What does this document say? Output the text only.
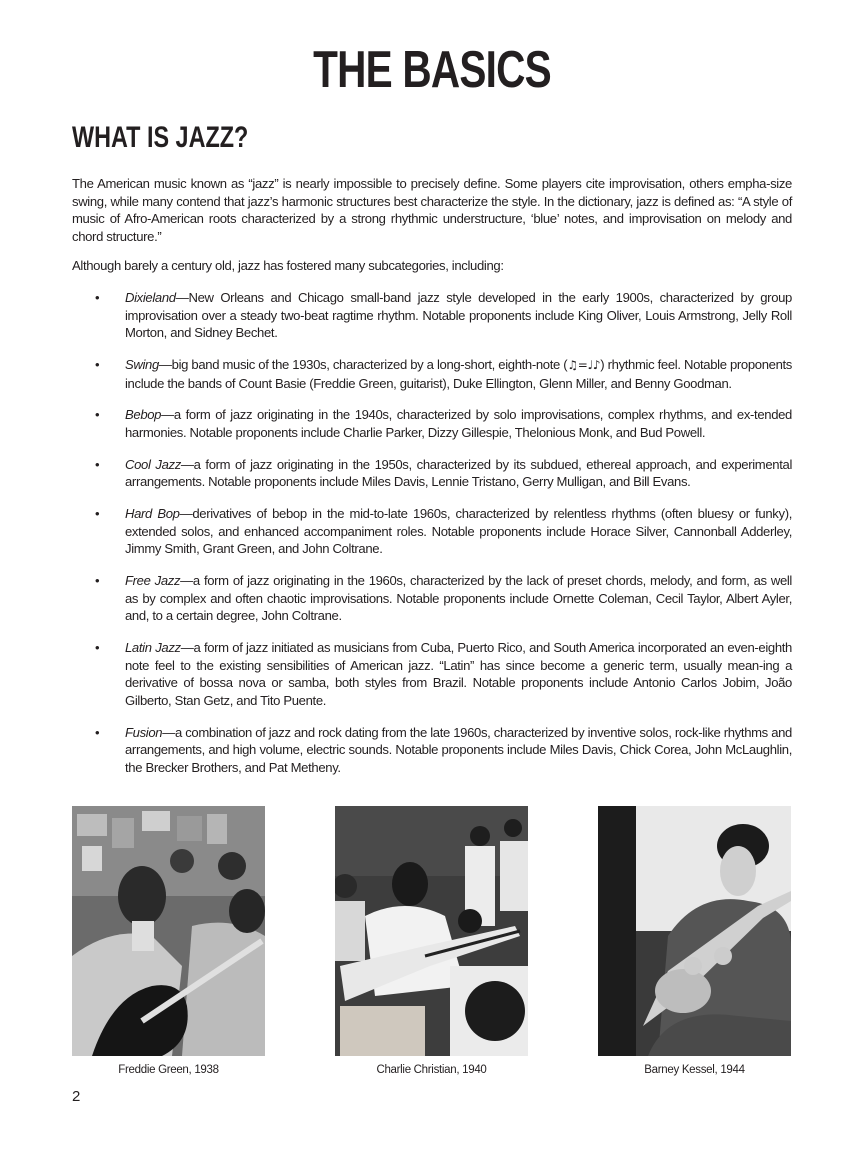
THE BASICS
WHAT IS JAZZ?

The American music known as “jazz” is nearly impossible to precisely define. Some players cite improvisation, others empha-size swing, while many contend that jazz’s harmonic structures best characterize the style. In the dictionary, jazz is defined as: “A style of music of Afro-American roots characterized by a strong rhythmic understructure, ‘blue’ notes, and improvisation on melody and chord structure.”

Although barely a century old, jazz has fostered many subcategories, including:

• Dixieland—New Orleans and Chicago small-band jazz style developed in the early 1900s, characterized by group improvisation over a steady two-beat ragtime rhythm. Notable proponents include King Oliver, Louis Armstrong, Jelly Roll Morton, and Sidney Bechet.
• Swing—big band music of the 1930s, characterized by a long-short, eighth-note (♫=♩♪) rhythmic feel. Notable proponents include the bands of Count Basie (Freddie Green, guitarist), Duke Ellington, Glenn Miller, and Benny Goodman.
• Bebop—a form of jazz originating in the 1940s, characterized by solo improvisations, complex rhythms, and ex-tended harmonies. Notable proponents include Charlie Parker, Dizzy Gillespie, Thelonious Monk, and Bud Powell.
• Cool Jazz—a form of jazz originating in the 1950s, characterized by its subdued, ethereal approach, and experimental arrangements. Notable proponents include Miles Davis, Lennie Tristano, Gerry Mulligan, and Bill Evans.
• Hard Bop—derivatives of bebop in the mid-to-late 1960s, characterized by relentless rhythms (often bluesy or funky), extended solos, and enhanced accompaniment roles. Notable proponents include Horace Silver, Cannonball Adderley, Jimmy Smith, Grant Green, and John Coltrane.
• Free Jazz—a form of jazz originating in the 1960s, characterized by the lack of preset chords, melody, and form, as well as by complex and often chaotic improvisations. Notable proponents include Ornette Coleman, Cecil Taylor, Albert Ayler, and, to a certain degree, John Coltrane.
• Latin Jazz—a form of jazz initiated as musicians from Cuba, Puerto Rico, and South America incorporated an even-eighth note feel to the existing sensibilities of American jazz. “Latin” has since become a generic term, usually mean-ing a derivative of bossa nova or samba, both styles from Brazil. Notable proponents include Antonio Carlos Jobim, João Gilberto, Stan Getz, and Tito Puente.
• Fusion—a combination of jazz and rock dating from the late 1960s, characterized by inventive solos, rock-like rhythms and arrangements, and high volume, electric sounds. Notable proponents include Miles Davis, Chick Corea, John McLaughlin, the Brecker Brothers, and Pat Metheny.
Freddie Green, 1938	Charlie Christian, 1940	Barney Kessel, 1944
2
